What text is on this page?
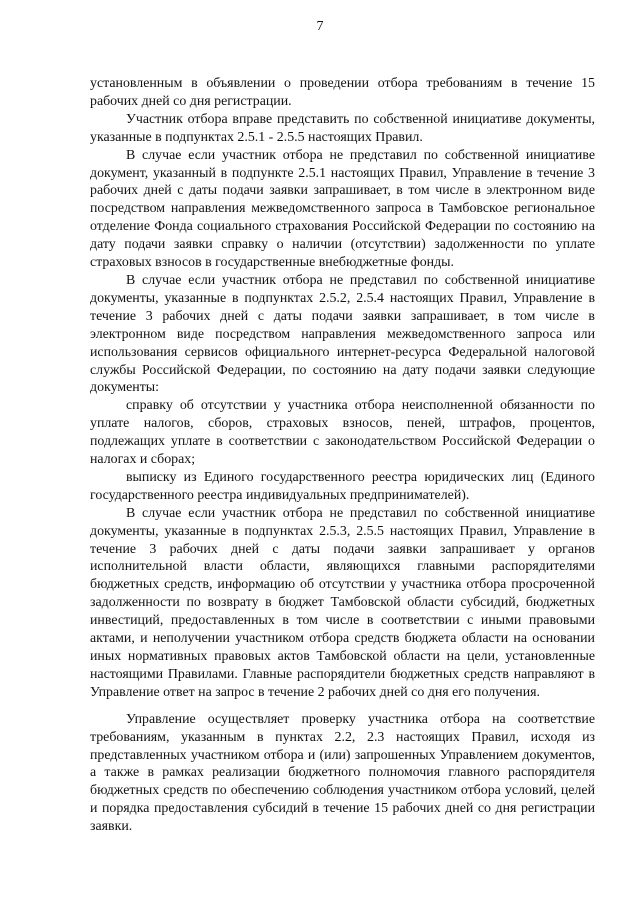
7

установленным в объявлении о проведении отбора требованиям в течение 15 рабочих дней со дня регистрации.

Участник отбора вправе представить по собственной инициативе документы, указанные в подпунктах 2.5.1 - 2.5.5 настоящих Правил.

В случае если участник отбора не представил по собственной инициативе документ, указанный в подпункте 2.5.1 настоящих Правил, Управление в течение 3 рабочих дней с даты подачи заявки запрашивает, в том числе в электронном виде посредством направления межведомственного запроса в Тамбовское региональное отделение Фонда социального страхования Российской Федерации по состоянию на дату подачи заявки справку о наличии (отсутствии) задолженности по уплате страховых взносов в государственные внебюджетные фонды.

В случае если участник отбора не представил по собственной инициативе документы, указанные в подпунктах 2.5.2, 2.5.4 настоящих Правил, Управление в течение 3 рабочих дней с даты подачи заявки запрашивает, в том числе в электронном виде посредством направления межведомственного запроса или использования сервисов официального интернет-ресурса Федеральной налоговой службы Российской Федерации, по состоянию на дату подачи заявки следующие документы:

справку об отсутствии у участника отбора неисполненной обязанности по уплате налогов, сборов, страховых взносов, пеней, штрафов, процентов, подлежащих уплате в соответствии с законодательством Российской Федерации о налогах и сборах;

выписку из Единого государственного реестра юридических лиц (Единого государственного реестра индивидуальных предпринимателей).

В случае если участник отбора не представил по собственной инициативе документы, указанные в подпунктах 2.5.3, 2.5.5 настоящих Правил, Управление в течение 3 рабочих дней с даты подачи заявки запрашивает у органов исполнительной власти области, являющихся главными распорядителями бюджетных средств, информацию об отсутствии у участника отбора просроченной задолженности по возврату в бюджет Тамбовской области субсидий, бюджетных инвестиций, предоставленных в том числе в соответствии с иными правовыми актами, и неполучении участником отбора средств бюджета области на основании иных нормативных правовых актов Тамбовской области на цели, установленные настоящими Правилами. Главные распорядители бюджетных средств направляют в Управление ответ на запрос в течение 2 рабочих дней со дня его получения.

Управление осуществляет проверку участника отбора на соответствие требованиям, указанным в пунктах 2.2, 2.3 настоящих Правил, исходя из представленных участником отбора и (или) запрошенных Управлением документов, а также в рамках реализации бюджетного полномочия главного распорядителя бюджетных средств по обеспечению соблюдения участником отбора условий, целей и порядка предоставления субсидий в течение 15 рабочих дней со дня регистрации заявки.
